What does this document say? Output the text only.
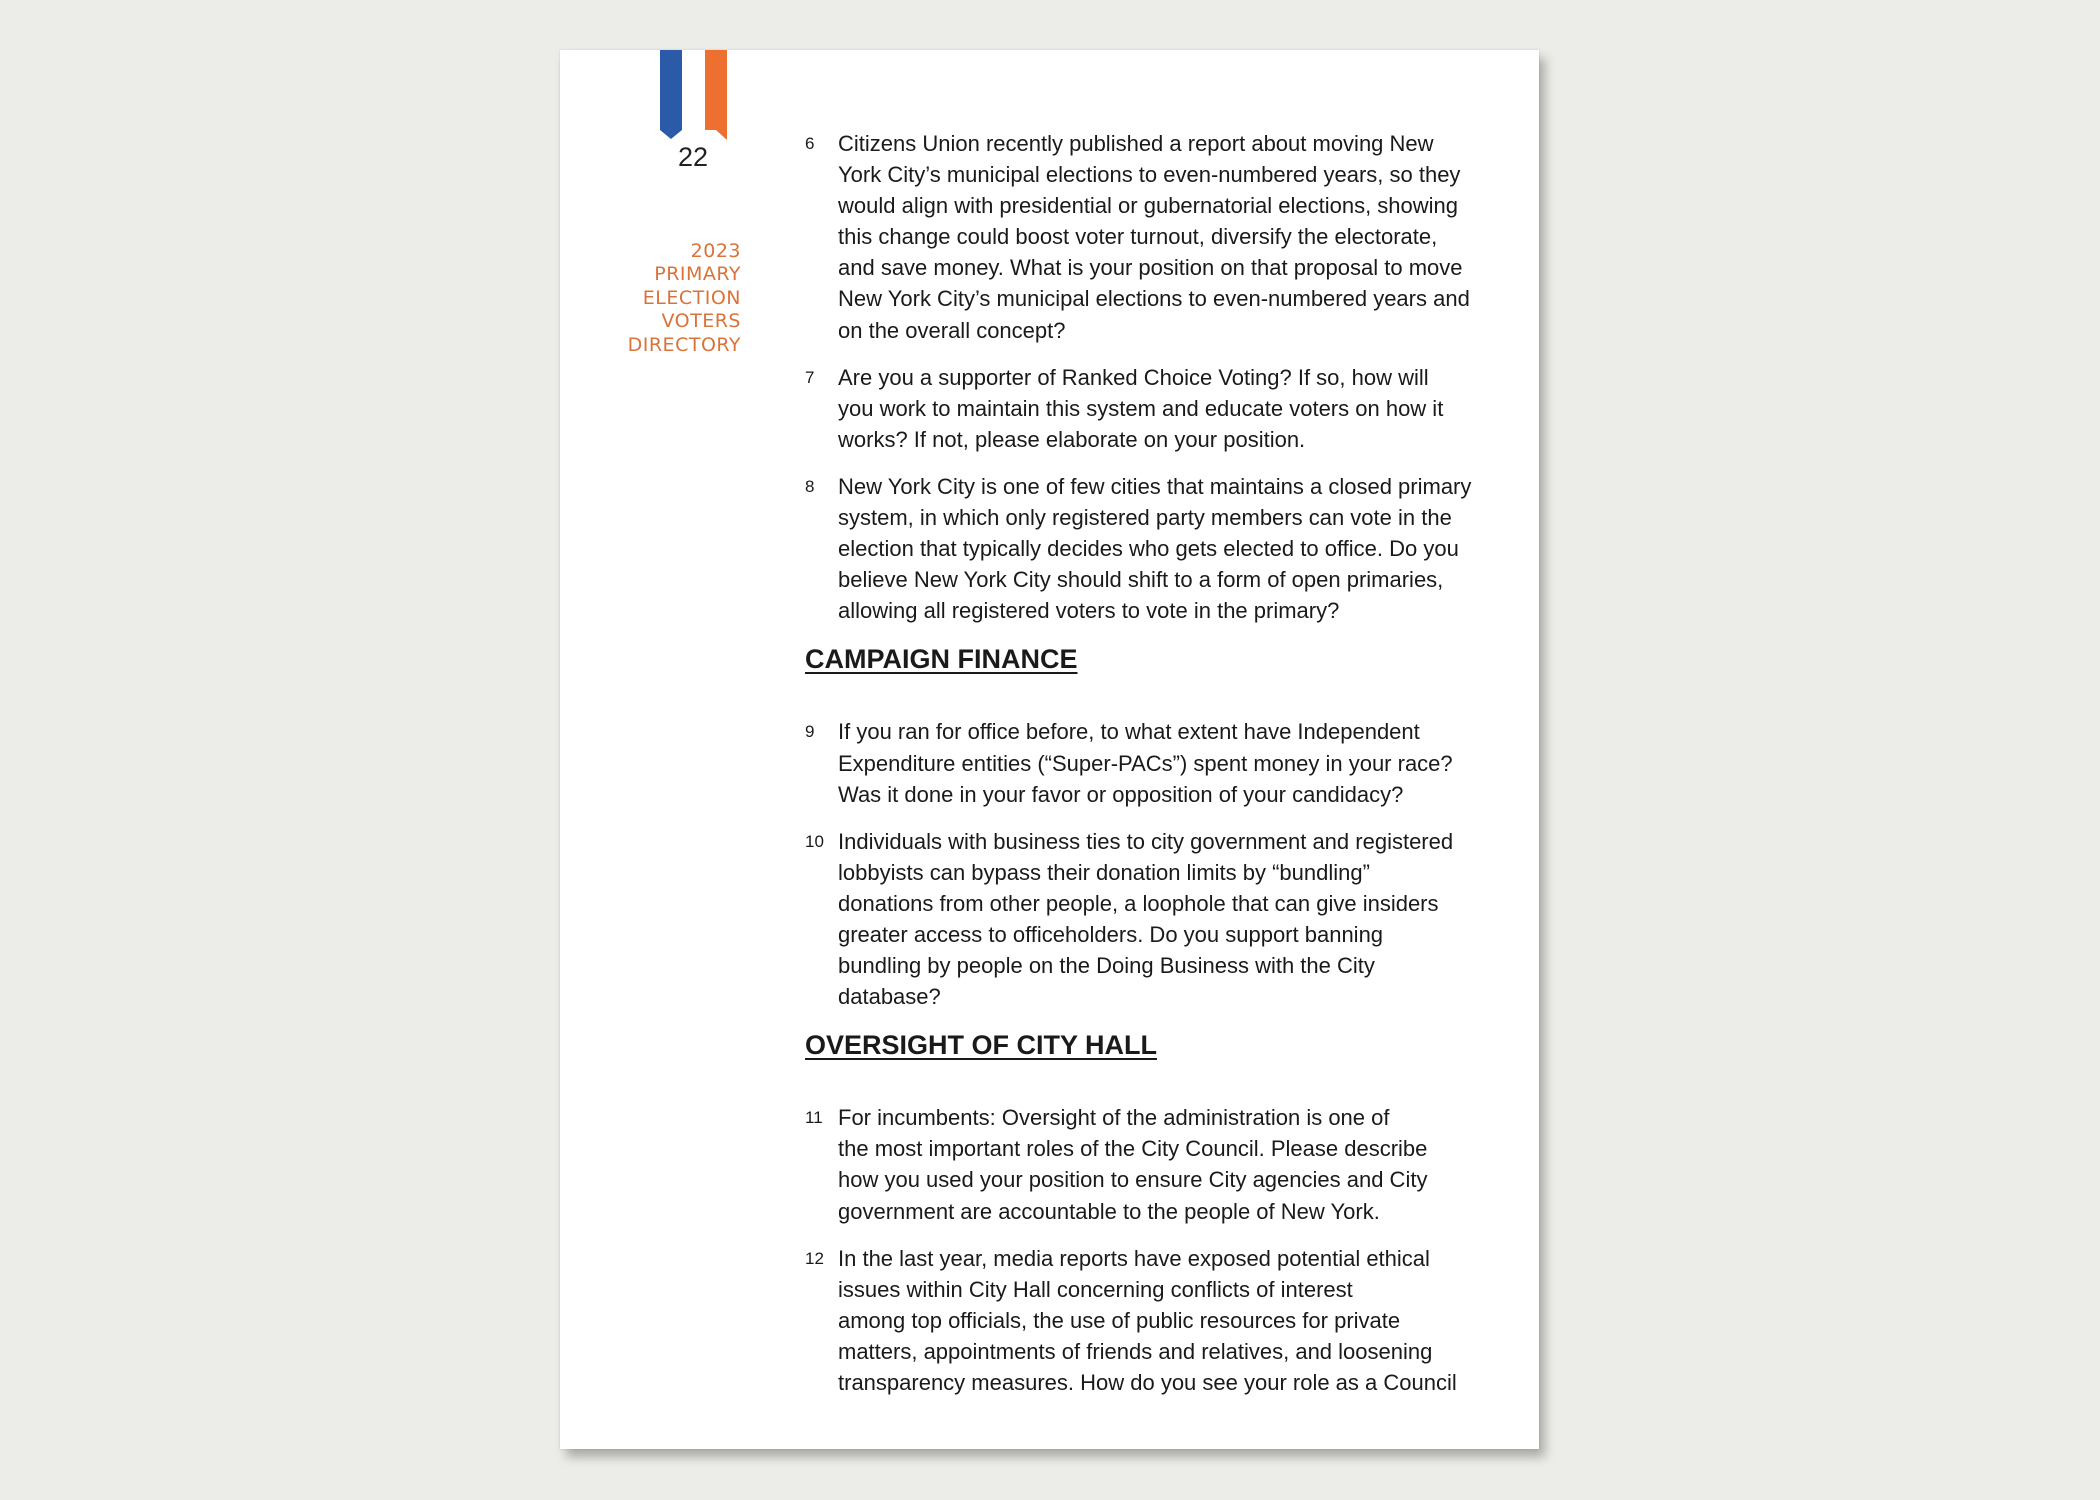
22
2023
PRIMARY
ELECTION
VOTERS
DIRECTORY
6 Citizens Union recently published a report about moving New
York City’s municipal elections to even-numbered years, so they
would align with presidential or gubernatorial elections, showing
this change could boost voter turnout, diversify the electorate,
and save money. What is your position on that proposal to move
New York City’s municipal elections to even-numbered years and
on the overall concept?
7 Are you a supporter of Ranked Choice Voting? If so, how will
you work to maintain this system and educate voters on how it
works? If not, please elaborate on your position.
8 New York City is one of few cities that maintains a closed primary
system, in which only registered party members can vote in the
election that typically decides who gets elected to office. Do you
believe New York City should shift to a form of open primaries,
allowing all registered voters to vote in the primary?
CAMPAIGN FINANCE
9 If you ran for office before, to what extent have Independent
Expenditure entities (“Super-PACs”) spent money in your race?
Was it done in your favor or opposition of your candidacy?
10 Individuals with business ties to city government and registered
lobbyists can bypass their donation limits by “bundling”
donations from other people, a loophole that can give insiders
greater access to officeholders. Do you support banning
bundling by people on the Doing Business with the City
database?
OVERSIGHT OF CITY HALL
11 For incumbents: Oversight of the administration is one of
the most important roles of the City Council. Please describe
how you used your position to ensure City agencies and City
government are accountable to the people of New York.
12 In the last year, media reports have exposed potential ethical
issues within City Hall concerning conflicts of interest
among top officials, the use of public resources for private
matters, appointments of friends and relatives, and loosening
transparency measures. How do you see your role as a Council
